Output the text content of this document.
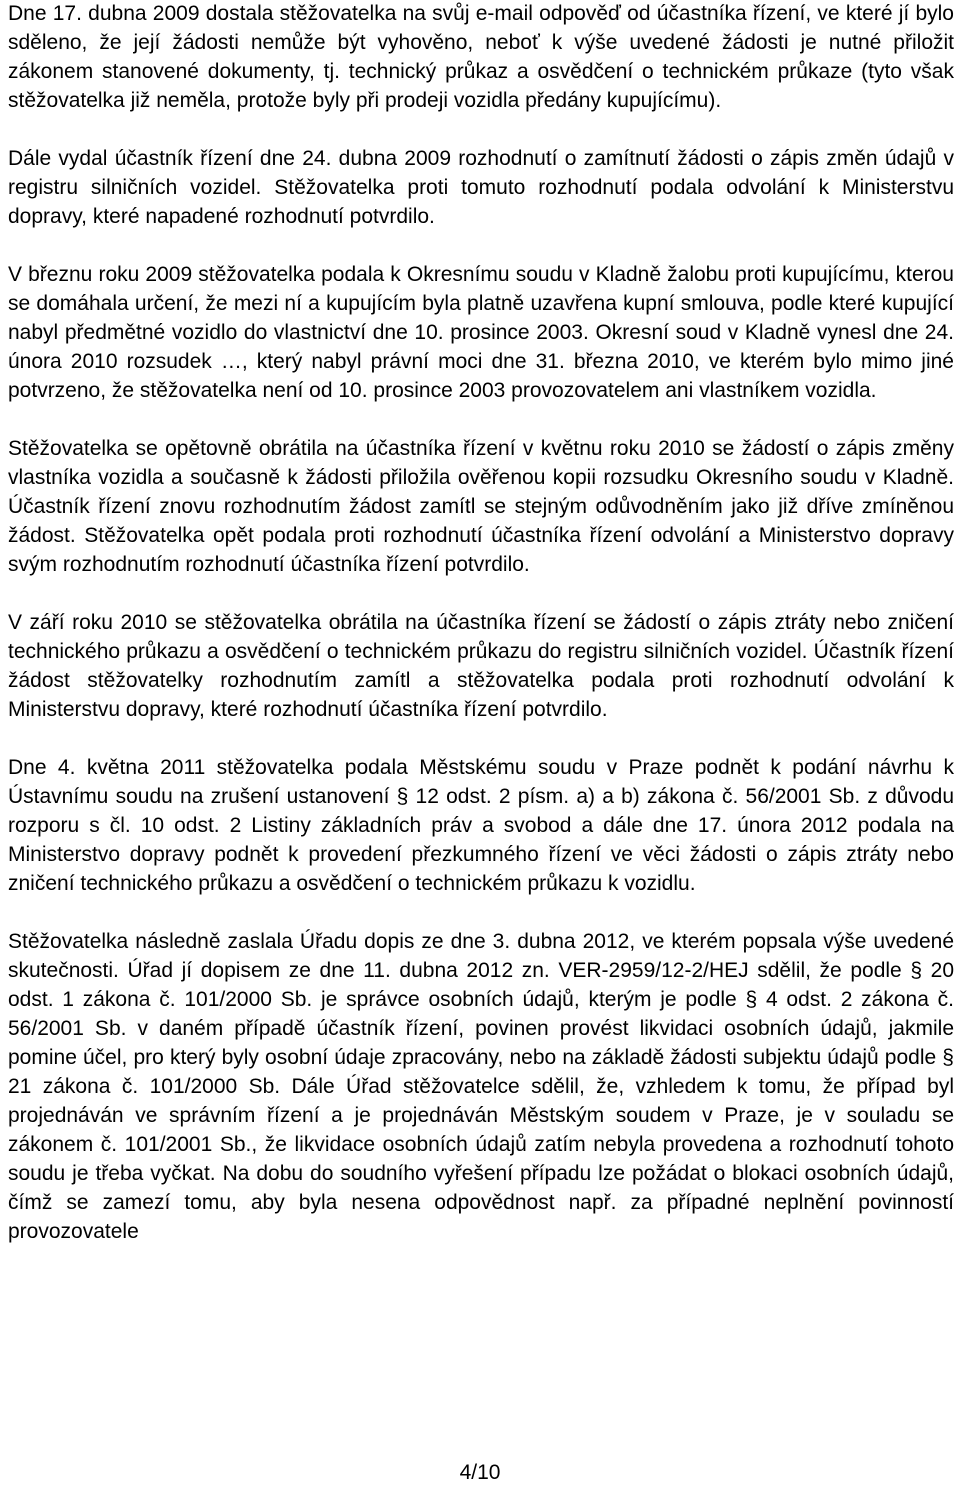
Dne 17. dubna 2009 dostala stěžovatelka na svůj e-mail odpověď od účastníka řízení, ve které jí bylo sděleno, že její žádosti nemůže být vyhověno, neboť k výše uvedené žádosti je nutné přiložit zákonem stanovené dokumenty, tj. technický průkaz a osvědčení o technickém průkaze (tyto však stěžovatelka již neměla, protože byly při prodeji vozidla předány kupujícímu).

Dále vydal účastník řízení dne 24. dubna 2009 rozhodnutí o zamítnutí žádosti o zápis změn údajů v registru silničních vozidel. Stěžovatelka proti tomuto rozhodnutí podala odvolání k Ministerstvu dopravy, které napadené rozhodnutí potvrdilo.

V březnu roku 2009 stěžovatelka podala k Okresnímu soudu v Kladně žalobu proti kupujícímu, kterou se domáhala určení, že mezi ní a kupujícím byla platně uzavřena kupní smlouva, podle které kupující nabyl předmětné vozidlo do vlastnictví dne 10. prosince 2003. Okresní soud v Kladně vynesl dne 24. února 2010 rozsudek …, který nabyl právní moci dne 31. března 2010, ve kterém bylo mimo jiné potvrzeno, že stěžovatelka není od 10. prosince 2003 provozovatelem ani vlastníkem vozidla.

Stěžovatelka se opětovně obrátila na účastníka řízení v květnu roku 2010 se žádostí o zápis změny vlastníka vozidla a současně k žádosti přiložila ověřenou kopii rozsudku Okresního soudu v Kladně. Účastník řízení znovu rozhodnutím žádost zamítl se stejným odůvodněním jako již dříve zmíněnou žádost. Stěžovatelka opět podala proti rozhodnutí účastníka řízení odvolání a Ministerstvo dopravy svým rozhodnutím rozhodnutí účastníka řízení potvrdilo.

V září roku 2010 se stěžovatelka obrátila na účastníka řízení se žádostí o zápis ztráty nebo zničení technického průkazu a osvědčení o technickém průkazu do registru silničních vozidel. Účastník řízení žádost stěžovatelky rozhodnutím zamítl a stěžovatelka podala proti rozhodnutí odvolání k Ministerstvu dopravy, které rozhodnutí účastníka řízení potvrdilo.

Dne 4. května 2011 stěžovatelka podala Městskému soudu v Praze podnět k podání návrhu k Ústavnímu soudu na zrušení ustanovení § 12 odst. 2 písm. a) a b) zákona č. 56/2001 Sb. z důvodu rozporu s čl. 10 odst. 2 Listiny základních práv a svobod a dále dne 17. února 2012 podala na Ministerstvo dopravy podnět k provedení přezkumného řízení ve věci žádosti o zápis ztráty nebo zničení technického průkazu a osvědčení o technickém průkazu k vozidlu.

Stěžovatelka následně zaslala Úřadu dopis ze dne 3. dubna 2012, ve kterém popsala výše uvedené skutečnosti. Úřad jí dopisem ze dne 11. dubna 2012 zn. VER-2959/12-2/HEJ sdělil, že podle § 20 odst. 1 zákona č. 101/2000 Sb. je správce osobních údajů, kterým je podle § 4 odst. 2 zákona č. 56/2001 Sb. v daném případě účastník řízení, povinen provést likvidaci osobních údajů, jakmile pomine účel, pro který byly osobní údaje zpracovány, nebo na základě žádosti subjektu údajů podle § 21 zákona č. 101/2000 Sb. Dále Úřad stěžovatelce sdělil, že, vzhledem k tomu, že případ byl projednáván ve správním řízení a je projednáván Městským soudem v Praze, je v souladu se zákonem č. 101/2001 Sb., že likvidace osobních údajů zatím nebyla provedena a rozhodnutí tohoto soudu je třeba vyčkat. Na dobu do soudního vyřešení případu lze požádat o blokaci osobních údajů, čímž se zamezí tomu, aby byla nesena odpovědnost např. za případné neplnění povinností provozovatele

4/10
